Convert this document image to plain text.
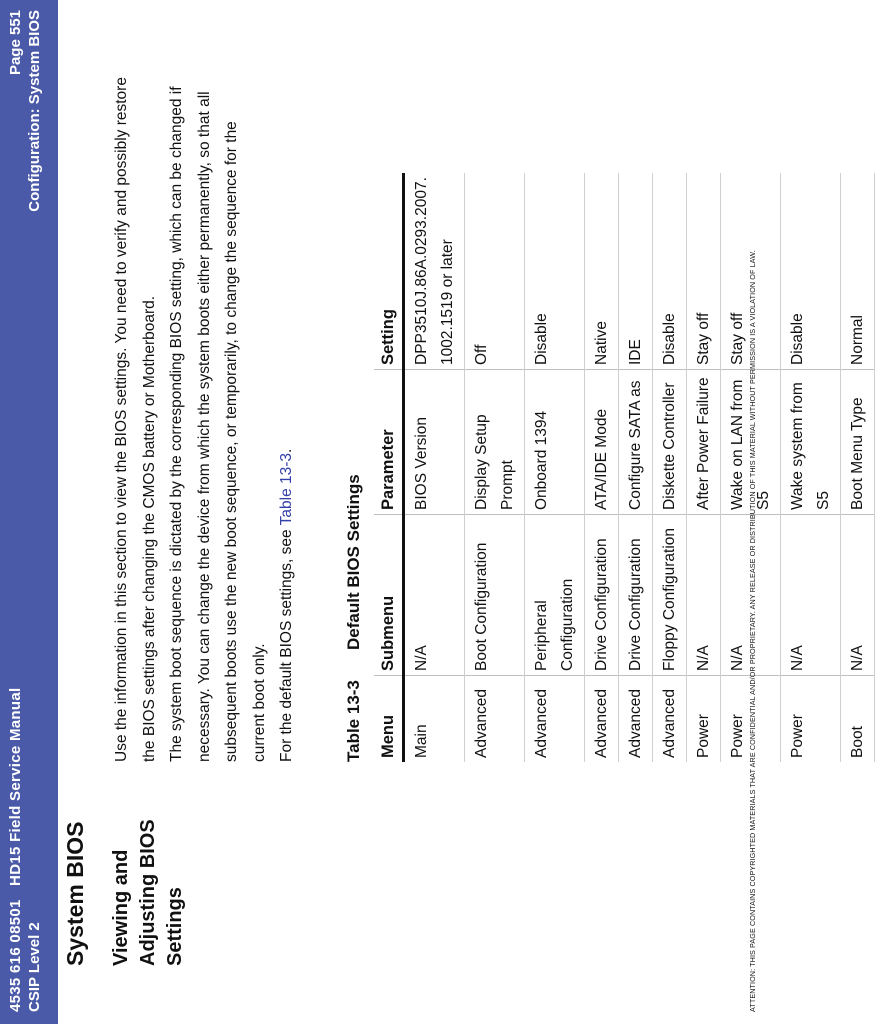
4535 616 08501   HD15 Field Service Manual
CSIP Level 2
Page 551 Configuration: System BIOS
System BIOS Viewing and
Adjusting BIOS
Settings

Use the information in this section to view the BIOS settings. You need to verify and possibly restore the BIOS settings after changing the CMOS battery or Motherboard. The system boot sequence is dictated by the corresponding BIOS setting, which can be changed if necessary. You can change the device from which the system boots either permanently, so that all subsequent boots use the new boot sequence, or temporarily, to change the sequence for the current boot only. For the default BIOS settings, see Table 13-3.

Table 13-3Default BIOS Settings
Menu	Submenu	Parameter	Setting
Main	N/A	BIOS Version	DPP3510J.86A.0293.2007.
1002.1519 or later
Advanced	Boot Configuration	Display Setup Prompt	Off
Advanced	Peripheral Configuration	Onboard 1394	Disable
Advanced	Drive Configuration	ATA/IDE Mode	Native
Advanced	Drive Configuration	Configure SATA as	IDE
Advanced	Floppy Configuration	Diskette Controller	Disable
Power	N/A	After Power Failure	Stay off
Power	N/A	Wake on LAN from S5	Stay off
Power	N/A	Wake system from S5	Disable
Boot	N/A	Boot Menu Type	Normal
ATTENTION: THIS PAGE CONTAINS COPYRIGHTED MATERIALS THAT ARE CONFIDENTIAL AND/OR PROPRIETARY. ANY RELEASE OR DISTRIBUTION OF THIS MATERIAL WITHOUT PERMISSION IS A VIOLATION OF LAW.
